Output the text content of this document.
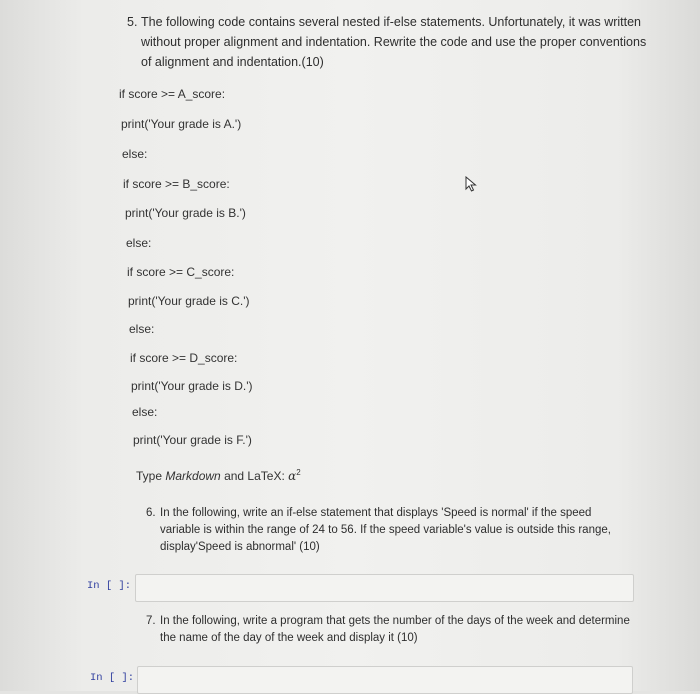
5. The following code contains several nested if-else statements. Unfortunately, it was written without proper alignment and indentation. Rewrite the code and use the proper conventions of alignment and indentation.(10)
if score >= A_score:
print('Your grade is A.')
else:
if score >= B_score:
print('Your grade is B.')
else:
if score >= C_score:
print('Your grade is C.')
else:
if score >= D_score:
print('Your grade is D.')
else:
print('Your grade is F.')
Type Markdown and LaTeX: $\alpha^2$
6. In the following, write an if-else statement that displays 'Speed is normal' if the speed variable is within the range of 24 to 56. If the speed variable's value is outside this range, display'Speed is abnormal' (10)
In [ ]:
7. In the following, write a program that gets the number of the days of the week and determine the name of the day of the week and display it (10)
In [ ]:
